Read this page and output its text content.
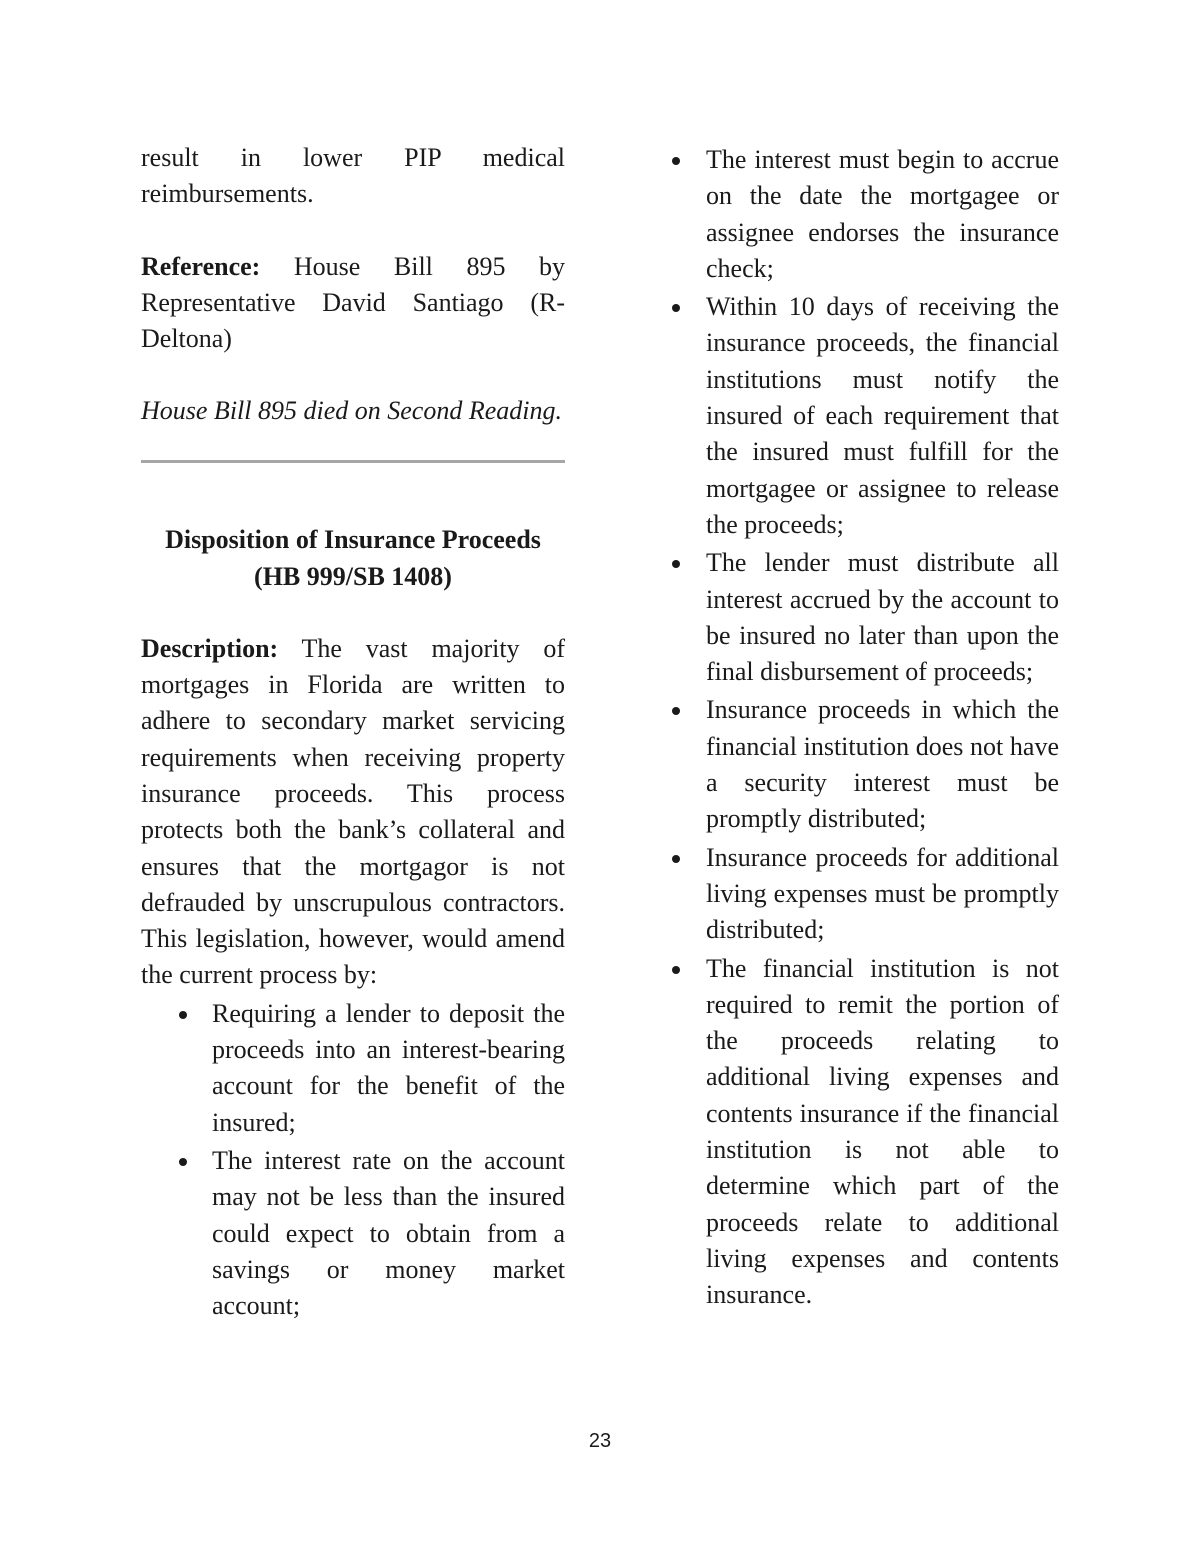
result in lower PIP medical reimbursements.

Reference: House Bill 895 by Representative David Santiago (R-Deltona)

House Bill 895 died on Second Reading.

Disposition of Insurance Proceeds
(HB 999/SB 1408)

Description: The vast majority of mortgages in Florida are written to adhere to secondary market servicing requirements when receiving property insurance proceeds. This process protects both the bank’s collateral and ensures that the mortgagor is not defrauded by unscrupulous contractors. This legislation, however, would amend the current process by:

Requiring a lender to deposit the proceeds into an interest-bearing account for the benefit of the insured;
The interest rate on the account may not be less than the insured could expect to obtain from a savings or money market account;
The interest must begin to accrue on the date the mortgagee or assignee endorses the insurance check;
Within 10 days of receiving the insurance proceeds, the financial institutions must notify the insured of each requirement that the insured must fulfill for the mortgagee or assignee to release the proceeds;
The lender must distribute all interest accrued by the account to be insured no later than upon the final disbursement of proceeds;
Insurance proceeds in which the financial institution does not have a security interest must be promptly distributed;
Insurance proceeds for additional living expenses must be promptly distributed;
The financial institution is not required to remit the portion of the proceeds relating to additional living expenses and contents insurance if the financial institution is not able to determine which part of the proceeds relate to additional living expenses and contents insurance.
23
